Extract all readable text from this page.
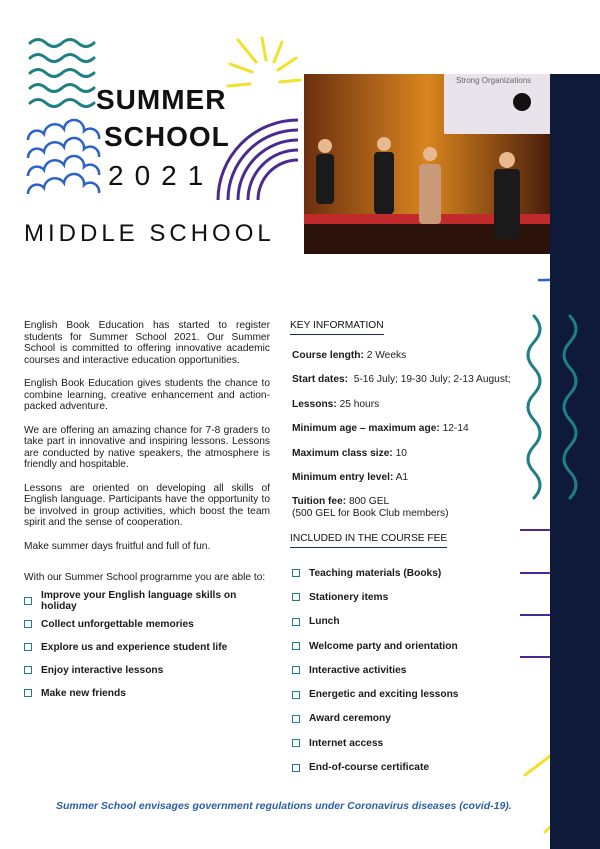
SUMMER
SCHOOL
2021
MIDDLE SCHOOL
Strong Organizations

English Book Education has started to register students for Summer School 2021. Our Summer School is committed to offering innovative academic courses and interactive education opportunities.

English Book Education gives students the chance to combine learning, creative enhancement and action-packed adventure.

We are offering an amazing chance for 7-8 graders to take part in innovative and inspiring lessons. Lessons are conducted by native speakers, the atmosphere is friendly and hospitable.

Lessons are oriented on developing all skills of English language. Participants have the opportunity to be involved in group activities, which boost the team spirit and the sense of cooperation.

Make summer days fruitful and full of fun.

With our Summer School programme you are able to:

Improve your English language skills on holiday
Collect unforgettable memories
Explore us and experience student life
Enjoy interactive lessons
Make new friends
KEY INFORMATION
Course length: 2 Weeks
Start dates:  5-16 July; 19-30 July; 2-13 August;
Lessons: 25 hours
Minimum age – maximum age: 12-14
Maximum class size: 10
Minimum entry level: A1
Tuition fee: 800 GEL
(500 GEL for Book Club members)
INCLUDED IN THE COURSE FEE
Teaching materials (Books)
Stationery items
Lunch
Welcome party and orientation
Interactive activities
Energetic and exciting lessons
Award ceremony
Internet access
End-of-course certificate
Summer School envisages government regulations under Coronavirus diseases (covid-19).
